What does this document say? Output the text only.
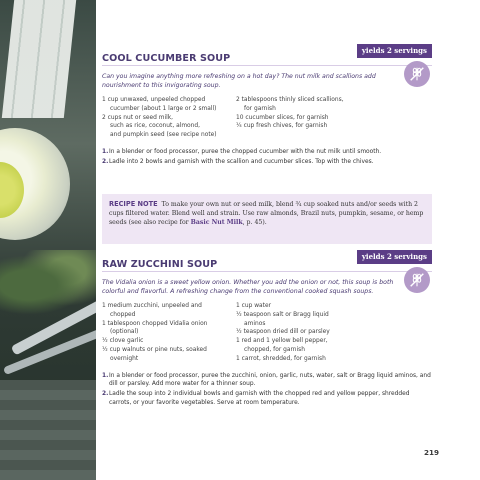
COOL CUCUMBER SOUP
yields 2 servings

Can you imagine anything more refreshing on a hot day? The nut milk and scallions add nourishment to this invigorating soup.

1 cup unwaxed, unpeeled chopped
cucumber (about 1 large or 2 small)
2 cups nut or seed milk,
such as rice, coconut, almond,
and pumpkin seed (see recipe note)
2 tablespoons thinly sliced scallions,
for garnish
10 cucumber slices, for garnish
¼ cup fresh chives, for garnish
1. In a blender or food processor, puree the chopped cucumber with the nut milk until smooth.
2. Ladle into 2 bowls and garnish with the scallion and cucumber slices. Top with the chives.
RECIPE NOTE To make your own nut or seed milk, blend ¾ cup soaked nuts and/or seeds with 2 cups filtered water. Blend well and strain. Use raw almonds, Brazil nuts, pumpkin, sesame, or hemp seeds (see also recipe for Basic Nut Milk, p. 45).
RAW ZUCCHINI SOUP
yields 2 servings

The Vidalia onion is a sweet yellow onion. Whether you add the onion or not, this soup is both colorful and flavorful. A refreshing change from the conventional cooked squash soups.

1 medium zucchini, unpeeled and
chopped
1 tablespoon chopped Vidalia onion
(optional)
½ clove garlic
½ cup walnuts or pine nuts, soaked
overnight
1 cup water
½ teaspoon salt or Bragg liquid
aminos
½ teaspoon dried dill or parsley
1 red and 1 yellow bell pepper,
chopped, for garnish
1 carrot, shredded, for garnish
1. In a blender or food processor, puree the zucchini, onion, garlic, nuts, water, salt or Bragg liquid aminos, and dill or parsley. Add more water for a thinner soup.
2. Ladle the soup into 2 individual bowls and garnish with the chopped red and yellow pepper, shredded carrots, or your favorite vegetables. Serve at room temperature.
219
